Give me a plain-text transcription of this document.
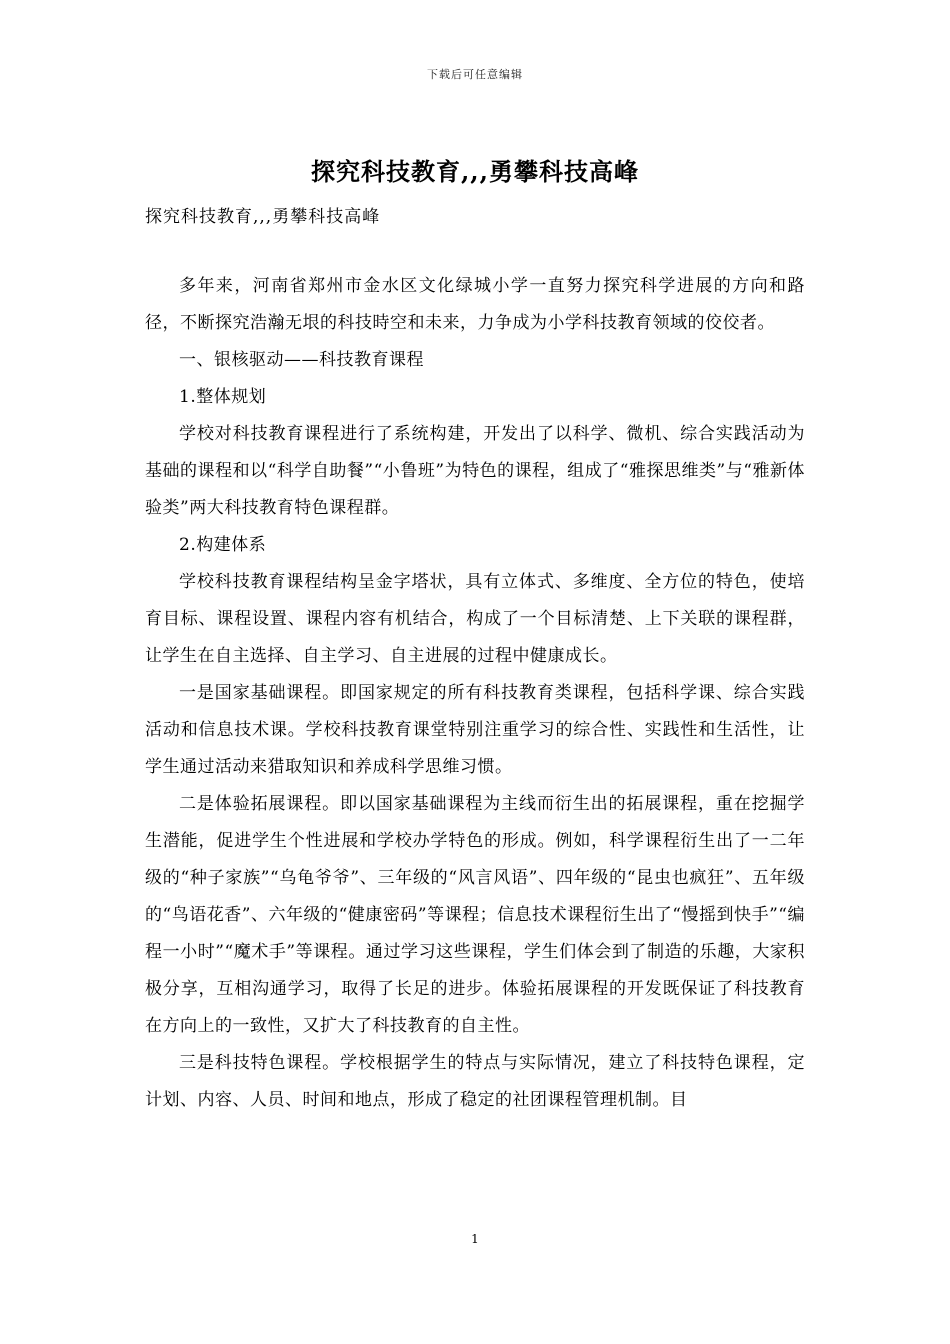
下载后可任意编辑
探究科技教育,,,勇攀科技高峰
探究科技教育,,,勇攀科技高峰

多年来，河南省郑州市金水区文化绿城小学一直努力探究科学进展的方向和路径，不断探究浩瀚无垠的科技時空和未来，力争成为小学科技教育领域的佼佼者。

一、银核驱动——科技教育课程

1.整体规划

学校对科技教育课程进行了系统构建，开发出了以科学、微机、综合实践活动为基础的课程和以“科学自助餐”“小鲁班”为特色的课程，组成了“雅探思维类”与“雅新体验类”两大科技教育特色课程群。

2.构建体系

学校科技教育课程结构呈金字塔状，具有立体式、多维度、全方位的特色，使培育目标、课程设置、课程内容有机结合，构成了一个目标清楚、上下关联的课程群，让学生在自主选择、自主学习、自主进展的过程中健康成长。

一是国家基础课程。即国家规定的所有科技教育类课程，包括科学课、综合实践活动和信息技术课。学校科技教育课堂特别注重学习的综合性、实践性和生活性，让学生通过活动来猎取知识和养成科学思维习惯。

二是体验拓展课程。即以国家基础课程为主线而衍生出的拓展课程，重在挖掘学生潜能，促进学生个性进展和学校办学特色的形成。例如，科学课程衍生出了一二年级的“种子家族”“乌龟爷爷”、三年级的“风言风语”、四年级的“昆虫也疯狂”、五年级的“鸟语花香”、六年级的“健康密码”等课程；信息技术课程衍生出了“慢摇到快手”“编程一小时”“魔术手”等课程。通过学习这些课程，学生们体会到了制造的乐趣，大家积极分享，互相沟通学习，取得了长足的进步。体验拓展课程的开发既保证了科技教育在方向上的一致性，又扩大了科技教育的自主性。

三是科技特色课程。学校根据学生的特点与实际情况，建立了科技特色课程，定计划、内容、人员、时间和地点，形成了稳定的社团课程管理机制。目

1
